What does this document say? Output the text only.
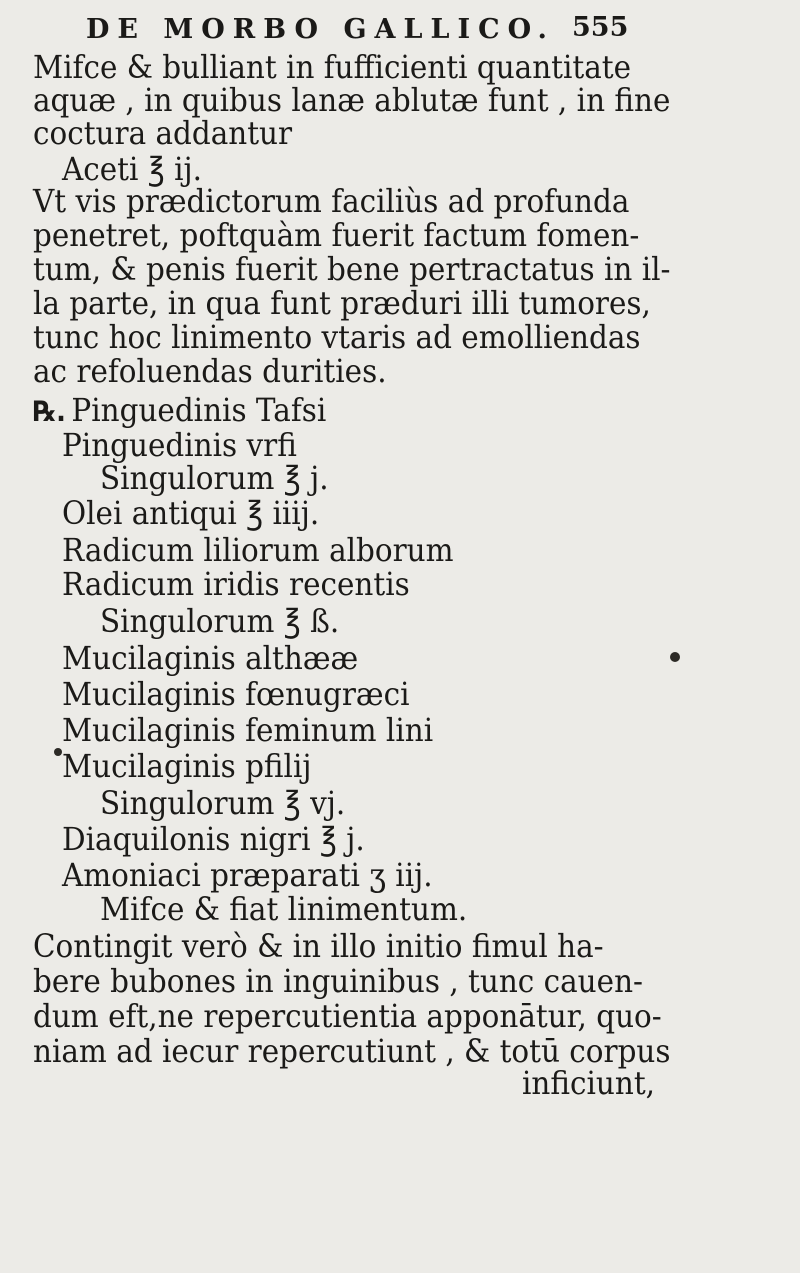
DE MORBO GALLICO. 555
Mifce & bulliant in fufficienti quantitate
aquæ , in quibus lanæ ablutæ funt , in fine
coctura addantur
Aceti ℥ ij.
Vt vis prædictorum faciliùs ad profunda
penetret, poftquàm fuerit factum fomen-
tum, & penis fuerit bene pertractatus in il-
la parte, in qua funt præduri illi tumores,
tunc hoc linimento vtaris ad emolliendas
ac refoluendas durities.
℞. Pinguedinis Tafsi
Pinguedinis vrfi
Singulorum ℥ j.
Olei antiqui ℥ iiij.
Radicum liliorum alborum
Radicum iridis recentis
Singulorum ℥ ß.
Mucilaginis althææ
Mucilaginis fœnugræci
Mucilaginis feminum lini
Mucilaginis pfilij
Singulorum ℥ vj.
Diaquilonis nigri ℥ j.
Amoniaci præparati ʒ iij.
Mifce & fiat linimentum.
Contingit verò & in illo initio fimul ha-
bere bubones in inguinibus , tunc cauen-
dum eft,ne repercutientia apponātur, quo-
niam ad iecur repercutiunt , & totū corpus
inficiunt,
